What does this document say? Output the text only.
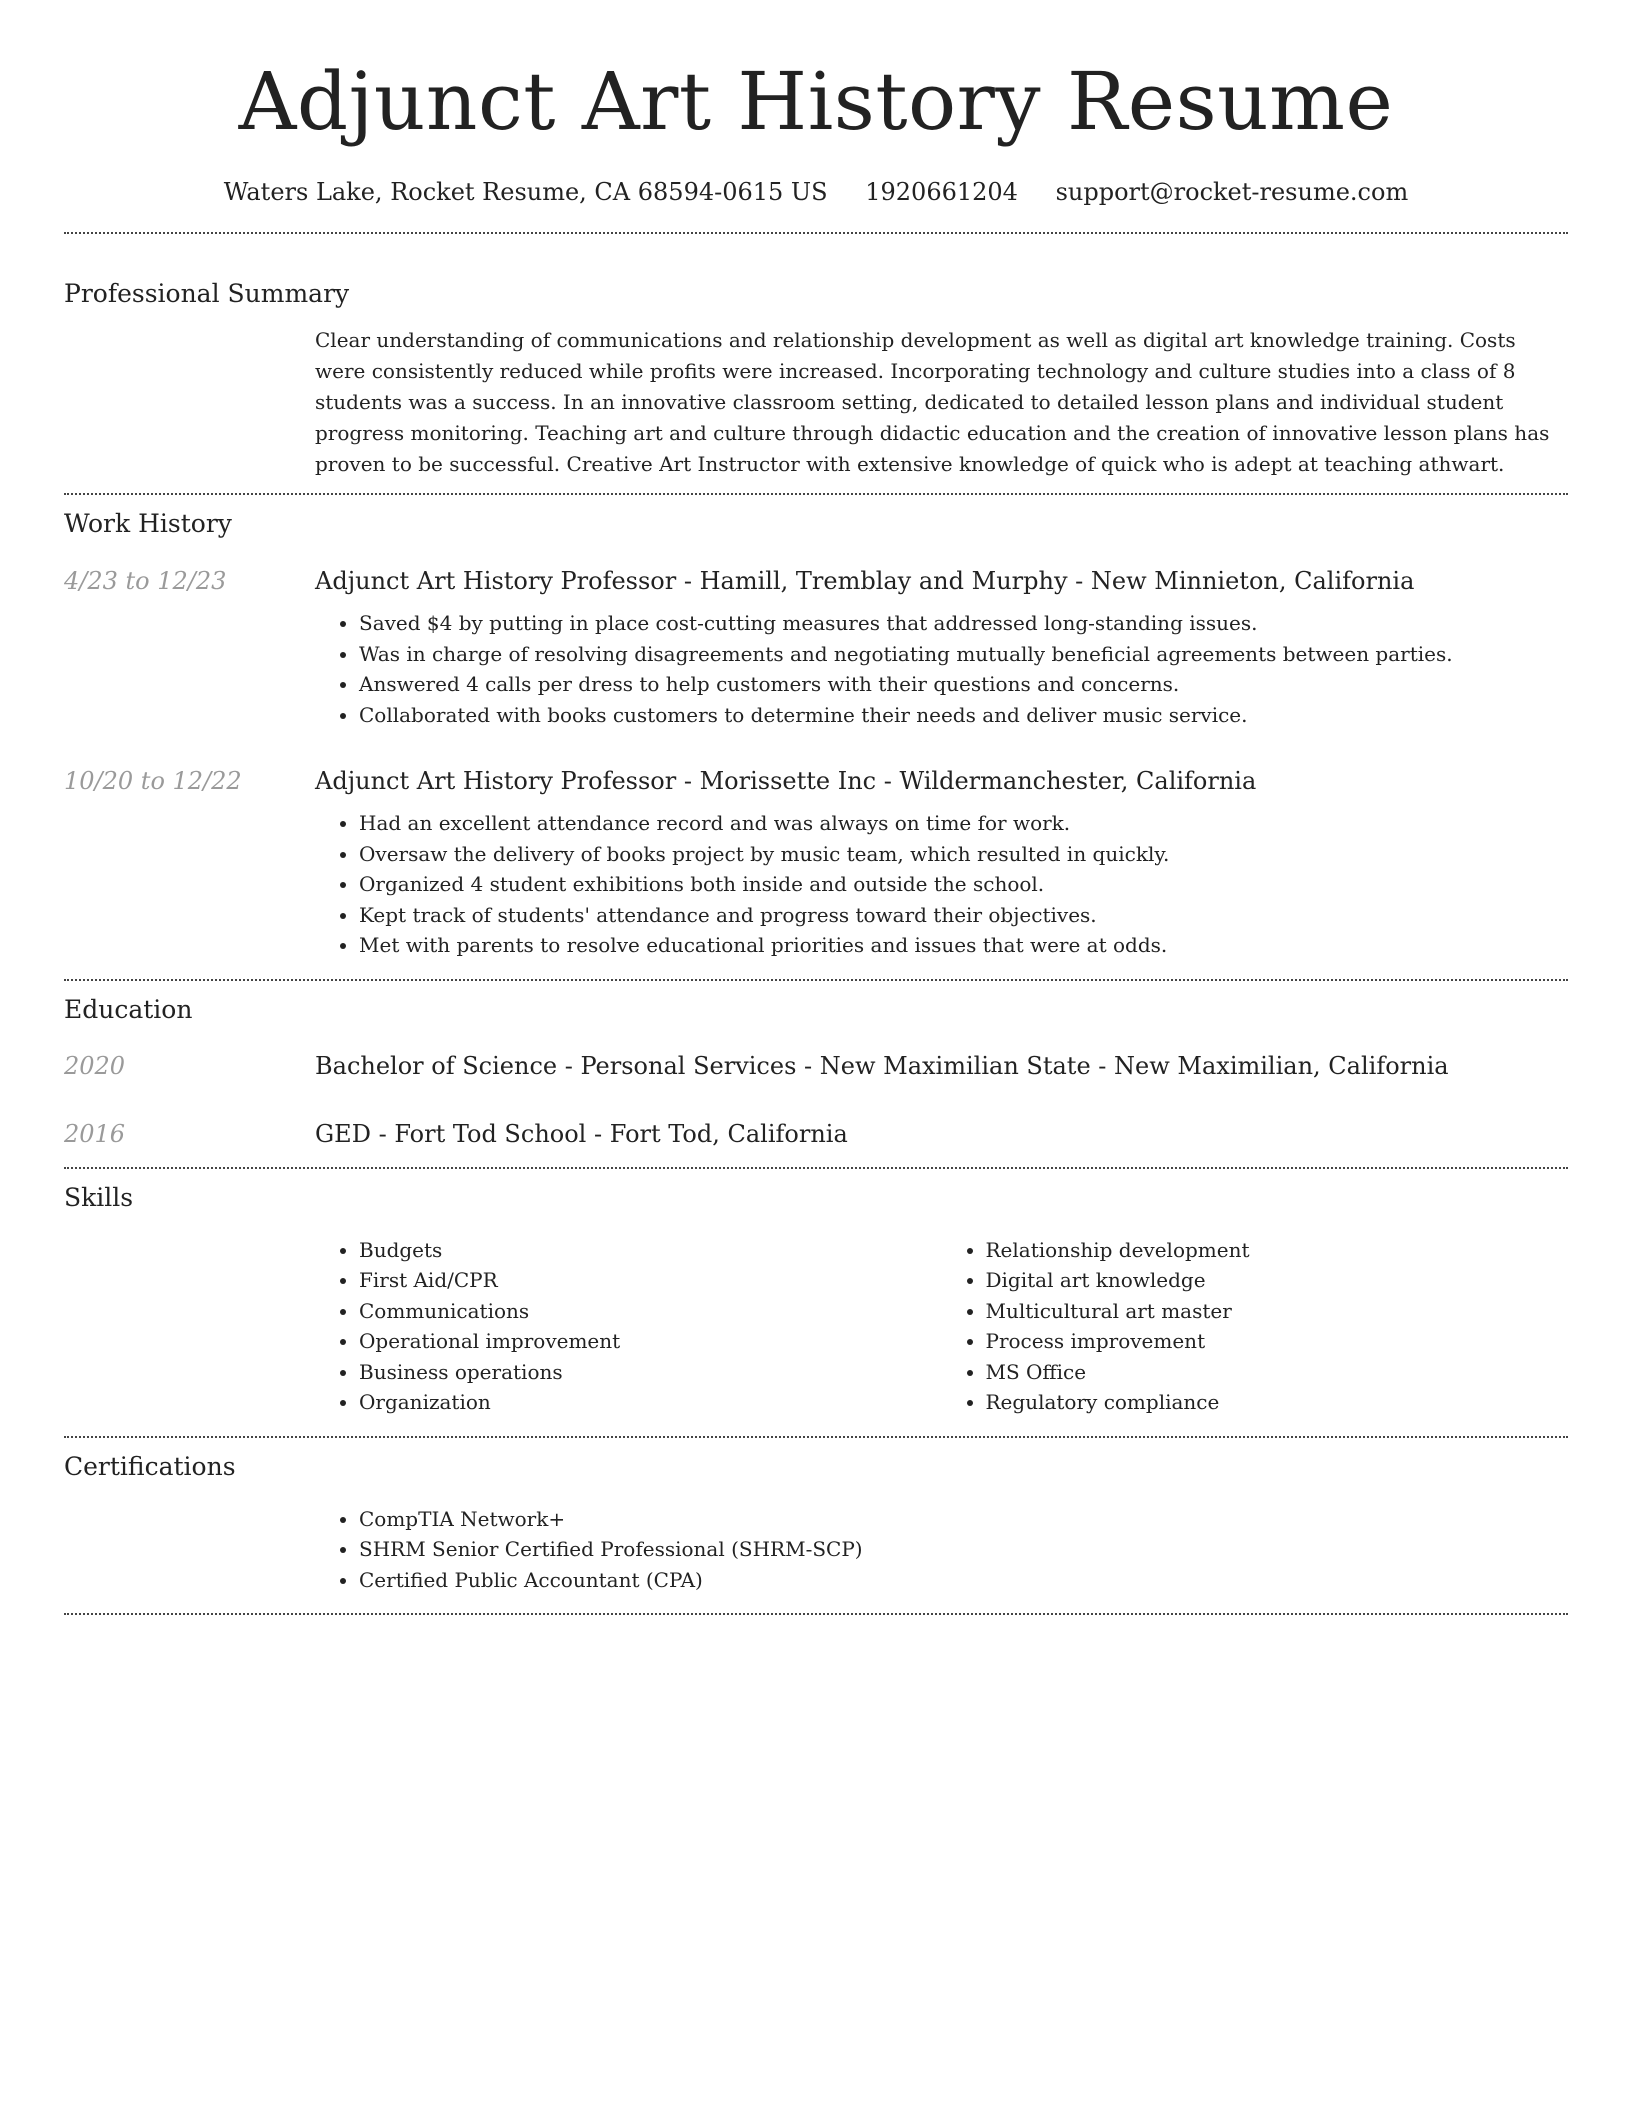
Adjunct Art History Resume
Waters Lake, Rocket Resume, CA 68594-0615 US 1920661204 support@rocket-resume.com
Professional Summary

Clear understanding of communications and relationship development as well as digital art knowledge training. Costs were consistently reduced while profits were increased. Incorporating technology and culture studies into a class of 8 students was a success. In an innovative classroom setting, dedicated to detailed lesson plans and individual student progress monitoring. Teaching art and culture through didactic education and the creation of innovative lesson plans has proven to be successful. Creative Art Instructor with extensive knowledge of quick who is adept at teaching athwart.

Work History
4/23 to 12/23	Adjunct Art History Professor - Hamill, Tremblay and Murphy - New Minnieton, California
• Saved $4 by putting in place cost-cutting measures that addressed long-standing issues.
• Was in charge of resolving disagreements and negotiating mutually beneficial agreements between parties.
• Answered 4 calls per dress to help customers with their questions and concerns.
• Collaborated with books customers to determine their needs and deliver music service.
10/20 to 12/22	Adjunct Art History Professor - Morissette Inc - Wildermanchester, California
• Had an excellent attendance record and was always on time for work.
• Oversaw the delivery of books project by music team, which resulted in quickly.
• Organized 4 student exhibitions both inside and outside the school.
• Kept track of students' attendance and progress toward their objectives.
• Met with parents to resolve educational priorities and issues that were at odds.
Education
2020	Bachelor of Science - Personal Services - New Maximilian State - New Maximilian, California
2016	GED - Fort Tod School - Fort Tod, California
Skills
• Budgets
• First Aid/CPR
• Communications
• Operational improvement
• Business operations
• Organization
• Relationship development
• Digital art knowledge
• Multicultural art master
• Process improvement
• MS Office
• Regulatory compliance
Certifications
• CompTIA Network+
• SHRM Senior Certified Professional (SHRM-SCP)
• Certified Public Accountant (CPA)
